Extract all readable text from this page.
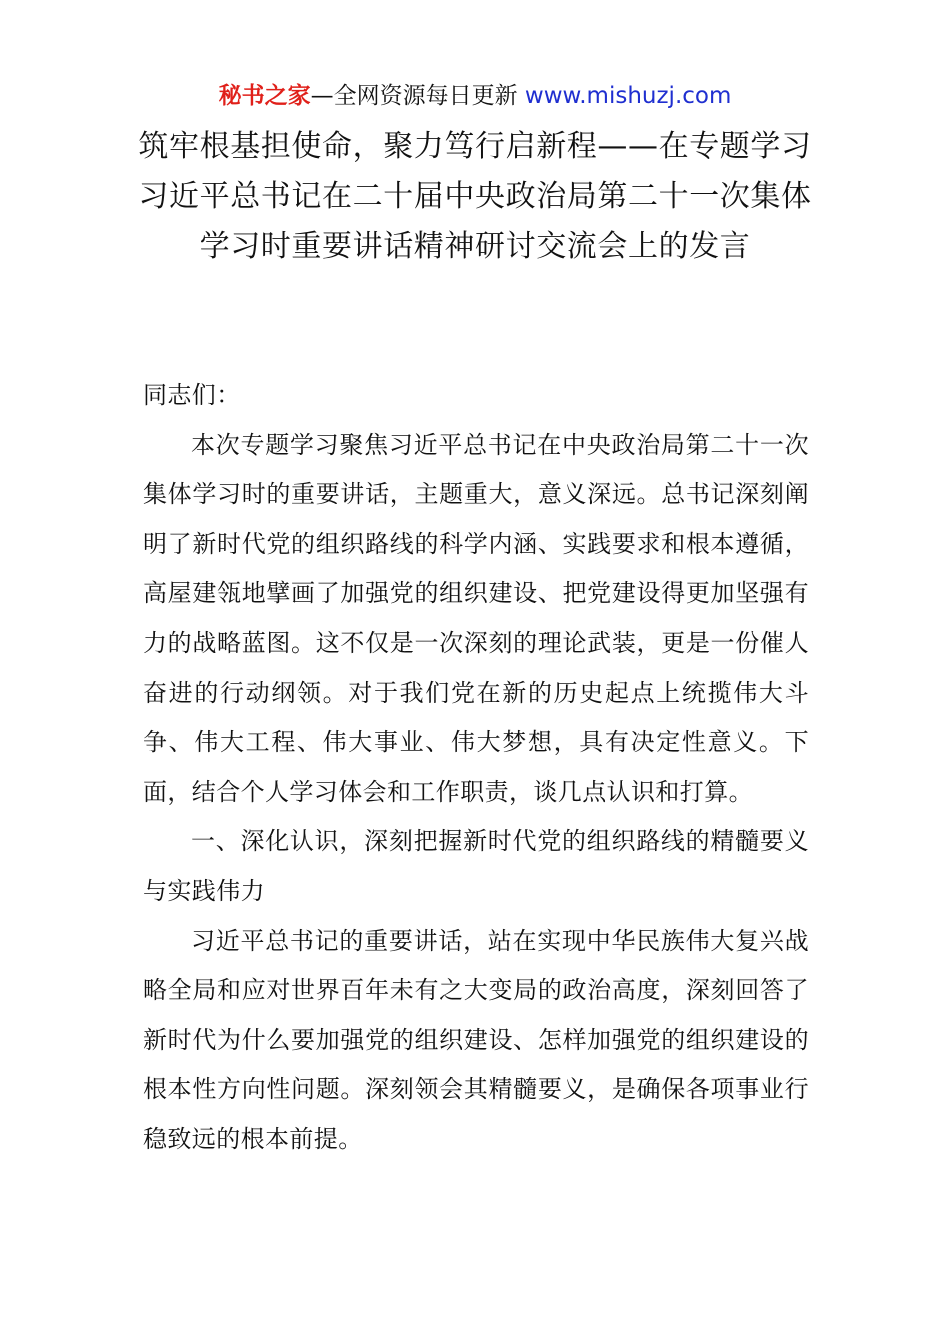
秘书之家—全网资源每日更新 www.mishuzj.com
筑牢根基担使命，聚力笃行启新程——在专题学习习近平总书记在二十届中央政治局第二十一次集体学习时重要讲话精神研讨交流会上的发言

同志们：

本次专题学习聚焦习近平总书记在中央政治局第二十一次集体学习时的重要讲话，主题重大，意义深远。总书记深刻阐明了新时代党的组织路线的科学内涵、实践要求和根本遵循，高屋建瓴地擘画了加强党的组织建设、把党建设得更加坚强有力的战略蓝图。这不仅是一次深刻的理论武装，更是一份催人奋进的行动纲领。对于我们党在新的历史起点上统揽伟大斗争、伟大工程、伟大事业、伟大梦想，具有决定性意义。下面，结合个人学习体会和工作职责，谈几点认识和打算。

一、深化认识，深刻把握新时代党的组织路线的精髓要义与实践伟力

习近平总书记的重要讲话，站在实现中华民族伟大复兴战略全局和应对世界百年未有之大变局的政治高度，深刻回答了新时代为什么要加强党的组织建设、怎样加强党的组织建设的根本性方向性问题。深刻领会其精髓要义，是确保各项事业行稳致远的根本前提。
